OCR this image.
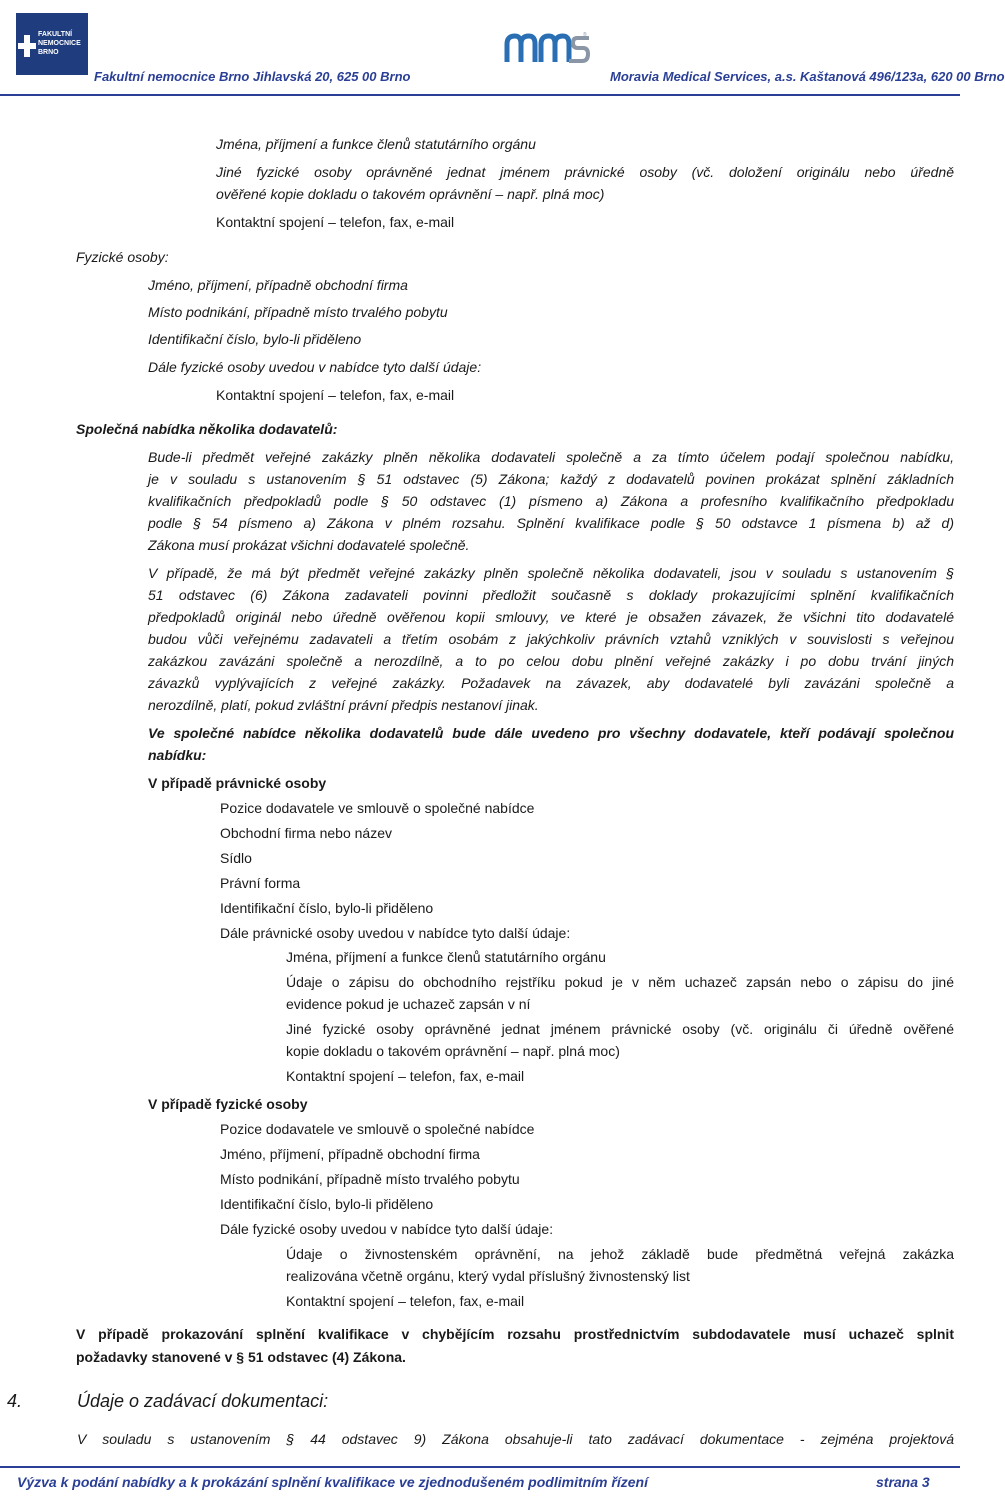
FAKULTNÍ
NEMOCNICE
BRNO
®
Fakultní nemocnice Brno Jihlavská 20, 625 00 Brno	Moravia Medical Services, a.s. Kaštanová 496/123a, 620 00 Brno
Jména, příjmení a funkce členů statutárního orgánu
Jiné fyzické osoby oprávněné jednat jménem právnické osoby (vč. doložení originálu nebo úředně
ověřené kopie dokladu o takovém oprávnění – např. plná moc)
Kontaktní spojení – telefon, fax, e-mail
Fyzické osoby:
Jméno, příjmení, případně obchodní firma
Místo podnikání, případně místo trvalého pobytu
Identifikační číslo, bylo-li přiděleno
Dále fyzické osoby uvedou v nabídce tyto další údaje:
Kontaktní spojení – telefon, fax, e-mail
Společná nabídka několika dodavatelů:
Bude-li předmět veřejné zakázky plněn několika dodavateli společně a za tímto účelem podají společnou nabídku,
je v souladu s ustanovením § 51 odstavec (5) Zákona; každý z dodavatelů povinen prokázat splnění základních
kvalifikačních předpokladů podle § 50 odstavec (1) písmeno a) Zákona a profesního kvalifikačního předpokladu
podle § 54 písmeno a) Zákona v plném rozsahu. Splnění kvalifikace podle § 50 odstavce 1 písmena b) až d)
Zákona musí prokázat všichni dodavatelé společně.
V případě, že má být předmět veřejné zakázky plněn společně několika dodavateli, jsou v souladu s ustanovením §
51 odstavec (6) Zákona zadavateli povinni předložit současně s doklady prokazujícími splnění kvalifikačních
předpokladů originál nebo úředně ověřenou kopii smlouvy, ve které je obsažen závazek, že všichni tito dodavatelé
budou vůči veřejnému zadavateli a třetím osobám z jakýchkoliv právních vztahů vzniklých v souvislosti s veřejnou
zakázkou zavázáni společně a nerozdílně, a to po celou dobu plnění veřejné zakázky i po dobu trvání jiných
závazků vyplývajících z veřejné zakázky. Požadavek na závazek, aby dodavatelé byli zavázáni společně a
nerozdílně, platí, pokud zvláštní právní předpis nestanoví jinak.
Ve společné nabídce několika dodavatelů bude dále uvedeno pro všechny dodavatele, kteří podávají společnou
nabídku:
V případě právnické osoby
Pozice dodavatele ve smlouvě o společné nabídce
Obchodní firma nebo název
Sídlo
Právní forma
Identifikační číslo, bylo-li přiděleno
Dále právnické osoby uvedou v nabídce tyto další údaje:
Jména, příjmení a funkce členů statutárního orgánu
Údaje o zápisu do obchodního rejstříku pokud je v něm uchazeč zapsán nebo o zápisu do jiné
evidence pokud je uchazeč zapsán v ní
Jiné fyzické osoby oprávněné jednat jménem právnické osoby (vč. originálu či úředně ověřené
kopie dokladu o takovém oprávnění – např. plná moc)
Kontaktní spojení – telefon, fax, e-mail
V případě fyzické osoby
Pozice dodavatele ve smlouvě o společné nabídce
Jméno, příjmení, případně obchodní firma
Místo podnikání, případně místo trvalého pobytu
Identifikační číslo, bylo-li přiděleno
Dále fyzické osoby uvedou v nabídce tyto další údaje:
Údaje o živnostenském oprávnění, na jehož základě bude předmětná veřejná zakázka
realizována včetně orgánu, který vydal příslušný živnostenský list
Kontaktní spojení – telefon, fax, e-mail
V případě prokazování splnění kvalifikace v chybějícím rozsahu prostřednictvím subdodavatele musí uchazeč splnit
požadavky stanovené v § 51 odstavec (4) Zákona.
4.	Údaje o zadávací dokumentaci:
V souladu s ustanovením § 44 odstavec 9) Zákona obsahuje-li tato zadávací dokumentace - zejména projektová
Výzva k podání nabídky a k prokázání splnění kvalifikace ve zjednodušeném podlimitním řízení	strana 3
